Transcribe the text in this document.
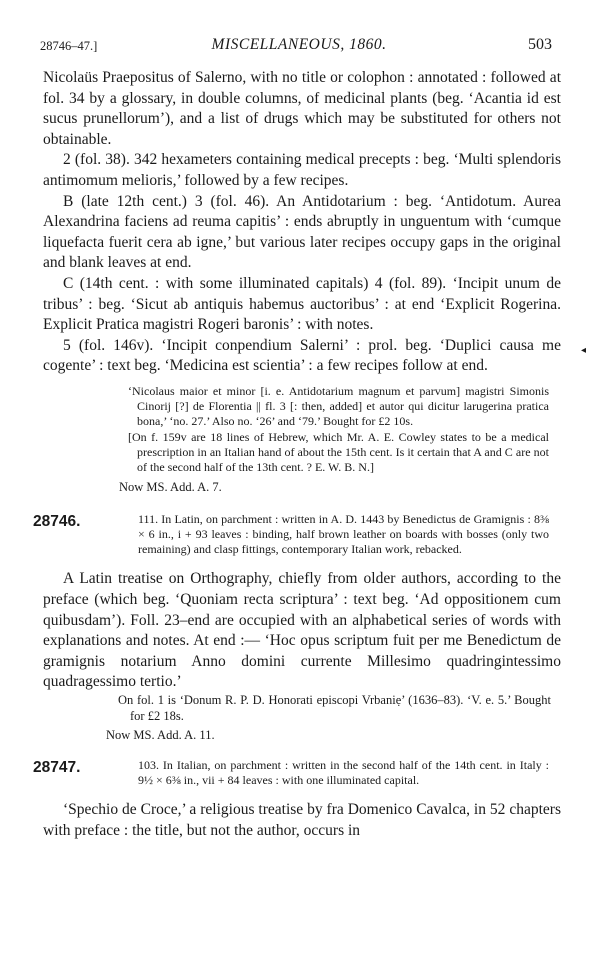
28746–47.]	MISCELLANEOUS, 1860.	503

Nicolaüs Praepositus of Salerno, with no title or colophon : annotated : followed at fol. 34 by a glossary, in double columns, of medicinal plants (beg. ‘Acantia id est sucus prunellorum’), and a list of drugs which may be substituted for others not obtainable.

2 (fol. 38). 342 hexameters containing medical precepts : beg. ‘Multi splendoris antimomum melioris,’ followed by a few recipes.

B (late 12th cent.) 3 (fol. 46). An Antidotarium : beg. ‘Antidotum. Aurea Alexandrina faciens ad reuma capitis’ : ends abruptly in unguentum with ‘cumque liquefacta fuerit cera ab igne,’ but various later recipes occupy gaps in the original and blank leaves at end.

C (14th cent. : with some illuminated capitals) 4 (fol. 89). ‘Incipit unum de tribus’ : beg. ‘Sicut ab antiquis habemus auctoribus’ : at end ‘Explicit Rogerina. Explicit Pratica magistri Rogeri baronis’ : with notes.

5 (fol. 146v). ‘Incipit conpendium Salerni’ : prol. beg. ‘Duplici causa me cogente’ : text beg. ‘Medicina est scientia’ : a few recipes follow at end.

‘Nicolaus maior et minor [i. e. Antidotarium magnum et parvum] magistri Simonis Cinorij [?] de Florentia || fl. 3 [: then, added] et autor qui dicitur larugerina pratica bona,’ ‘no. 27.’ Also no. ‘26’ and ‘79.’ Bought for £2 10s.
[On f. 159v are 18 lines of Hebrew, which Mr. A. E. Cowley states to be a medical prescription in an Italian hand of about the 15th cent. Is it certain that A and C are not of the second half of the 13th cent. ? E. W. B. N.]
Now MS. Add. A. 7.
28746.	111. In Latin, on parchment : written in A. D. 1443 by Benedictus de Gramignis : 8⅜ × 6 in., i + 93 leaves : binding, half brown leather on boards with bosses (only two remaining) and clasp fittings, contemporary Italian work, rebacked.

A Latin treatise on Orthography, chiefly from older authors, according to the preface (which beg. ‘Quoniam recta scriptura’ : text beg. ‘Ad oppositionem cum quibusdam’). Foll. 23–end are occupied with an alphabetical series of words with explanations and notes. At end :— ‘Hoc opus scriptum fuit per me Benedictum de gramignis notarium Anno domini currente Millesimo quadringintessimo quadragessimo tertio.’

On fol. 1 is ‘Donum R. P. D. Honorati episcopi Vrbaniẹ’ (1636–83). ‘V. e. 5.’ Bought for £2 18s.
Now MS. Add. A. 11.
28747.	103. In Italian, on parchment : written in the second half of the 14th cent. in Italy : 9½ × 6⅜ in., vii + 84 leaves : with one illuminated capital.

‘Spechio de Croce,’ a religious treatise by fra Domenico Cavalca, in 52 chapters with preface : the title, but not the author, occurs in

◂
